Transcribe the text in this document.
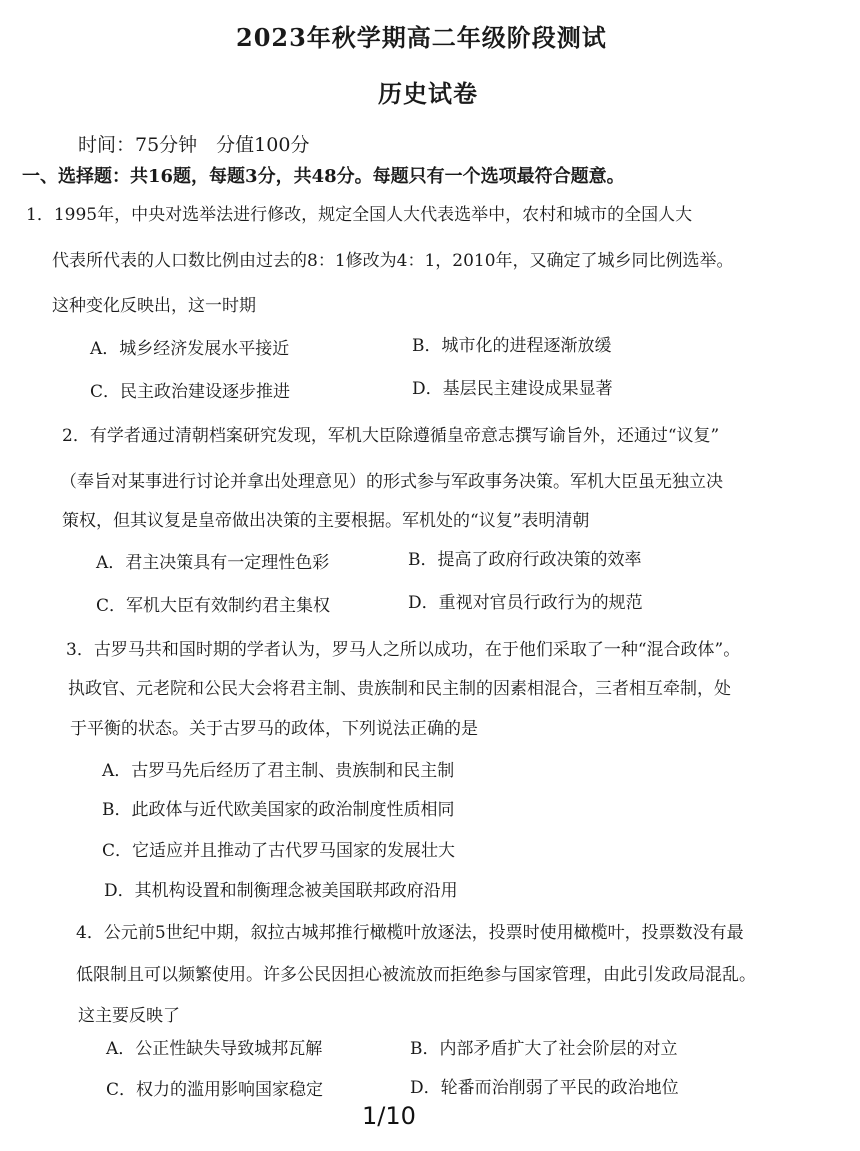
2023年秋学期高二年级阶段测试
历史试卷
时间：75分钟　分值100分
一、选择题：共16题，每题3分，共48分。每题只有一个选项最符合题意。
1．1995年，中央对选举法进行修改，规定全国人大代表选举中，农村和城市的全国人大
代表所代表的人口数比例由过去的8：1修改为4：1，2010年，又确定了城乡同比例选举。
这种变化反映出，这一时期
A．城乡经济发展水平接近	B．城市化的进程逐渐放缓
C．民主政治建设逐步推进	D．基层民主建设成果显著
2．有学者通过清朝档案研究发现，军机大臣除遵循皇帝意志撰写谕旨外，还通过“议复”
（奉旨对某事进行讨论并拿出处理意见）的形式参与军政事务决策。军机大臣虽无独立决
策权，但其议复是皇帝做出决策的主要根据。军机处的“议复”表明清朝
A．君主决策具有一定理性色彩	B．提高了政府行政决策的效率
C．军机大臣有效制约君主集权	D．重视对官员行政行为的规范
3．古罗马共和国时期的学者认为，罗马人之所以成功，在于他们采取了一种“混合政体”。
执政官、元老院和公民大会将君主制、贵族制和民主制的因素相混合，三者相互牵制，处
于平衡的状态。关于古罗马的政体，下列说法正确的是
A．古罗马先后经历了君主制、贵族制和民主制
B．此政体与近代欧美国家的政治制度性质相同
C．它适应并且推动了古代罗马国家的发展壮大
D．其机构设置和制衡理念被美国联邦政府沿用
4．公元前5世纪中期，叙拉古城邦推行橄榄叶放逐法，投票时使用橄榄叶，投票数没有最
低限制且可以频繁使用。许多公民因担心被流放而拒绝参与国家管理，由此引发政局混乱。
这主要反映了
A．公正性缺失导致城邦瓦解	B．内部矛盾扩大了社会阶层的对立
C．权力的滥用影响国家稳定	D．轮番而治削弱了平民的政治地位
1/10
